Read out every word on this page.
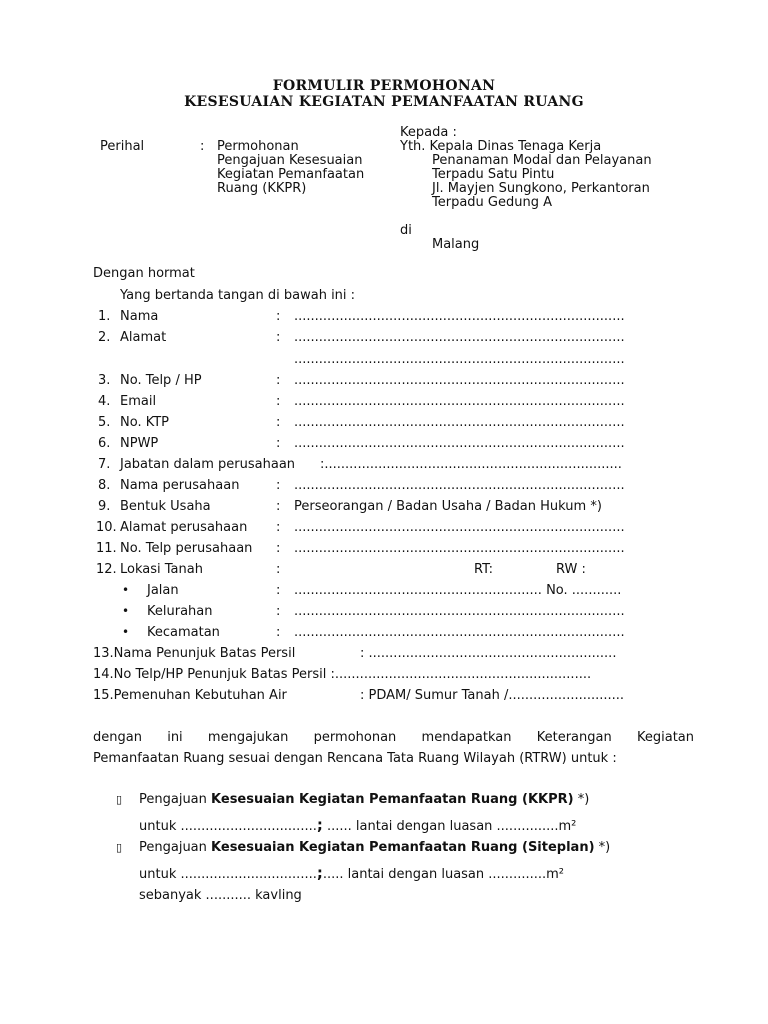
FORMULIR PERMOHONAN
KESESUAIAN KEGIATAN PEMANFAATAN RUANG
Kepada :
Perihal	: Permohonan
Pengajuan Kesesuaian
Kegiatan Pemanfaatan
Ruang (KKPR)
Yth. Kepala Dinas Tenaga Kerja
Penanaman Modal dan Pelayanan
Terpadu Satu Pintu
Jl. Mayjen Sungkono, Perkantoran
Terpadu Gedung A
di
Malang
Dengan hormat
Yang bertanda tangan di bawah ini :
1. Nama	: ................................................................................
2. Alamat	: ................................................................................
................................................................................
3. No. Telp / HP	: ................................................................................
4. Email	: ................................................................................
5. No. KTP	: ................................................................................
6. NPWP	: ................................................................................
7. Jabatan dalam perusahaan :........................................................................
8. Nama perusahaan	: ................................................................................
9. Bentuk Usaha	: Perseorangan / Badan Usaha / Badan Hukum *)
10. Alamat perusahaan : ................................................................................
11. No. Telp perusahaan : ................................................................................
12. Lokasi Tanah	:	RT:	RW :
• Jalan	: ............................................................ No. ............
• Kelurahan	: ................................................................................
• Kecamatan	: ................................................................................
13.Nama Penunjuk Batas Persil	: ............................................................
14.No Telp/HP Penunjuk Batas Persil :..............................................................
15.Pemenuhan Kebutuhan Air	: PDAM/ Sumur Tanah /............................
dengan ini mengajukan permohonan mendapatkan Keterangan Kegiatan
Pemanfaatan Ruang sesuai dengan Rencana Tata Ruang Wilayah (RTRW) untuk :
▯ Pengajuan Kesesuaian Kegiatan Pemanfaatan Ruang (KKPR) *)
untuk .................................; ...... lantai dengan luasan ...............m²
▯ Pengajuan Kesesuaian Kegiatan Pemanfaatan Ruang (Siteplan) *)
untuk .................................;..... lantai dengan luasan ..............m²
sebanyak ........... kavling
